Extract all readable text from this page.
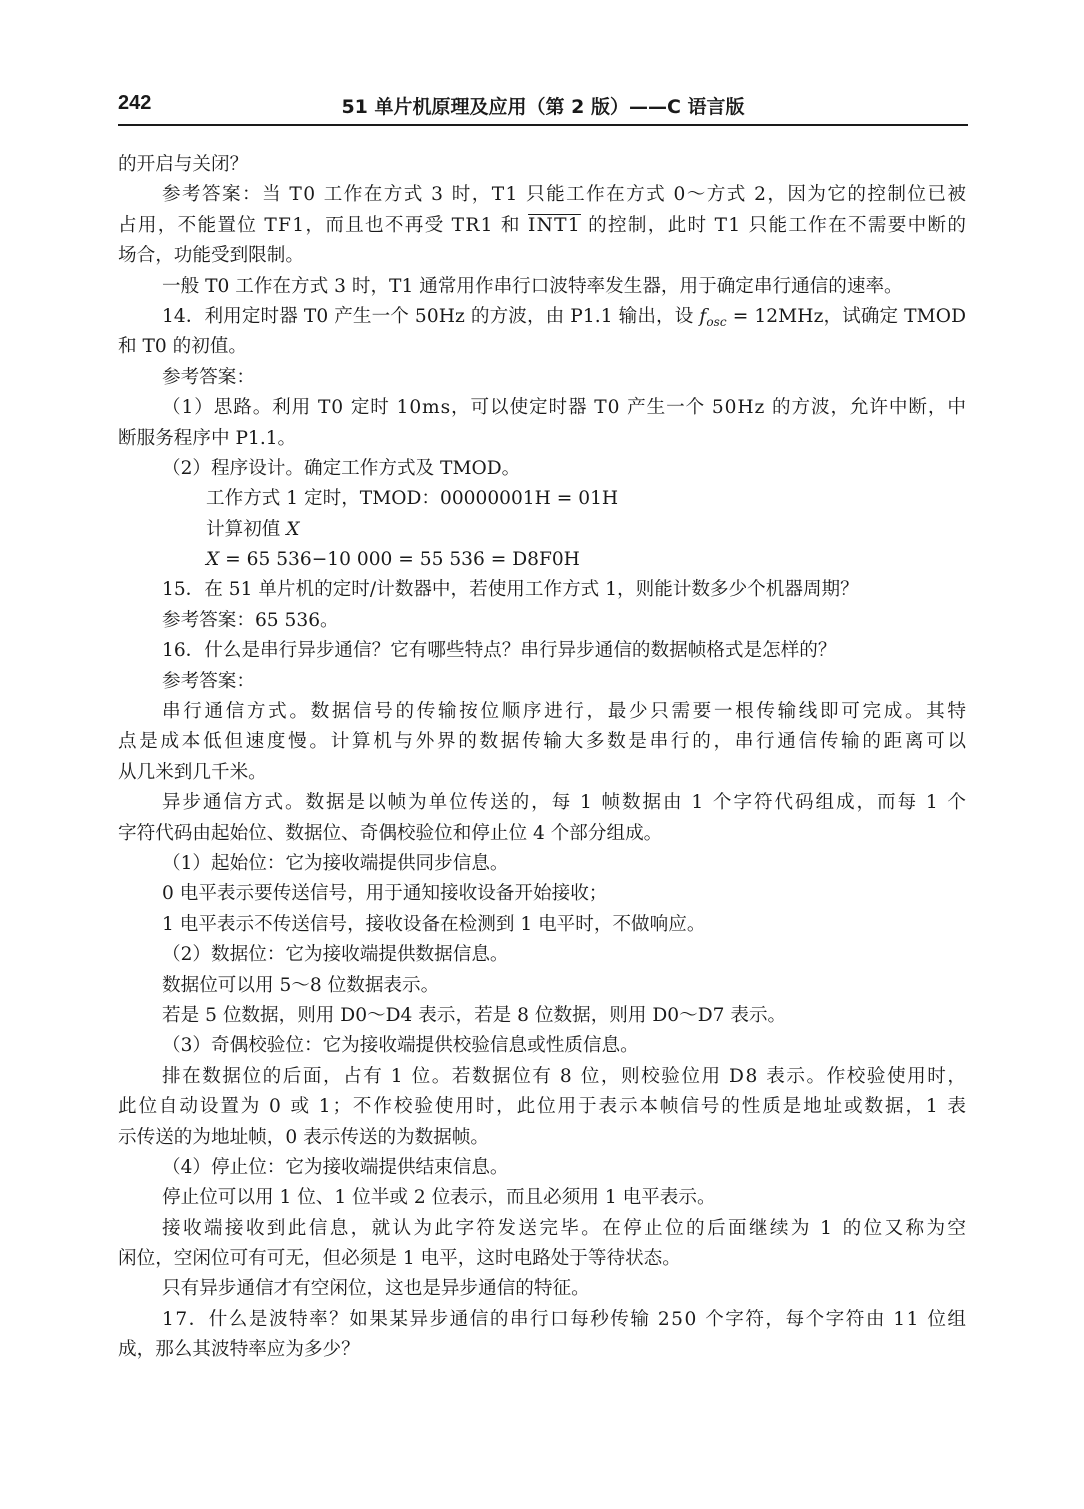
242	51 单片机原理及应用（第 2 版）——C 语言版
的开启与关闭？
参考答案：当 T0 工作在方式 3 时，T1 只能工作在方式 0～方式 2，因为它的控制位已被
占用，不能置位 TF1，而且也不再受 TR1 和 INT1 的控制，此时 T1 只能工作在不需要中断的
场合，功能受到限制。
一般 T0 工作在方式 3 时，T1 通常用作串行口波特率发生器，用于确定串行通信的速率。
14．利用定时器 T0 产生一个 50Hz 的方波，由 P1.1 输出，设 $f_{osc} = 12MHz$，试确定 TMOD
和 T0 的初值。
参考答案：
（1）思路。利用 T0 定时 10ms，可以使定时器 T0 产生一个 50Hz 的方波，允许中断，中
断服务程序中 P1.1。
（2）程序设计。确定工作方式及 TMOD。
工作方式 1 定时，TMOD：00000001H = 01H
计算初值 X
X = 65 536−10 000 = 55 536 = D8F0H
15．在 51 单片机的定时/计数器中，若使用工作方式 1，则能计数多少个机器周期？
参考答案：65 536。
16．什么是串行异步通信？它有哪些特点？串行异步通信的数据帧格式是怎样的？
参考答案：
串行通信方式。数据信号的传输按位顺序进行，最少只需要一根传输线即可完成。其特
点是成本低但速度慢。计算机与外界的数据传输大多数是串行的，串行通信传输的距离可以
从几米到几千米。
异步通信方式。数据是以帧为单位传送的，每 1 帧数据由 1 个字符代码组成，而每 1 个
字符代码由起始位、数据位、奇偶校验位和停止位 4 个部分组成。
（1）起始位：它为接收端提供同步信息。
0 电平表示要传送信号，用于通知接收设备开始接收；
1 电平表示不传送信号，接收设备在检测到 1 电平时，不做响应。
（2）数据位：它为接收端提供数据信息。
数据位可以用 5～8 位数据表示。
若是 5 位数据，则用 D0～D4 表示，若是 8 位数据，则用 D0～D7 表示。
（3）奇偶校验位：它为接收端提供校验信息或性质信息。
排在数据位的后面，占有 1 位。若数据位有 8 位，则校验位用 D8 表示。作校验使用时，
此位自动设置为 0 或 1；不作校验使用时，此位用于表示本帧信号的性质是地址或数据，1 表
示传送的为地址帧，0 表示传送的为数据帧。
（4）停止位：它为接收端提供结束信息。
停止位可以用 1 位、1 位半或 2 位表示，而且必须用 1 电平表示。
接收端接收到此信息，就认为此字符发送完毕。在停止位的后面继续为 1 的位又称为空
闲位，空闲位可有可无，但必须是 1 电平，这时电路处于等待状态。
只有异步通信才有空闲位，这也是异步通信的特征。
17．什么是波特率？如果某异步通信的串行口每秒传输 250 个字符，每个字符由 11 位组
成，那么其波特率应为多少？
